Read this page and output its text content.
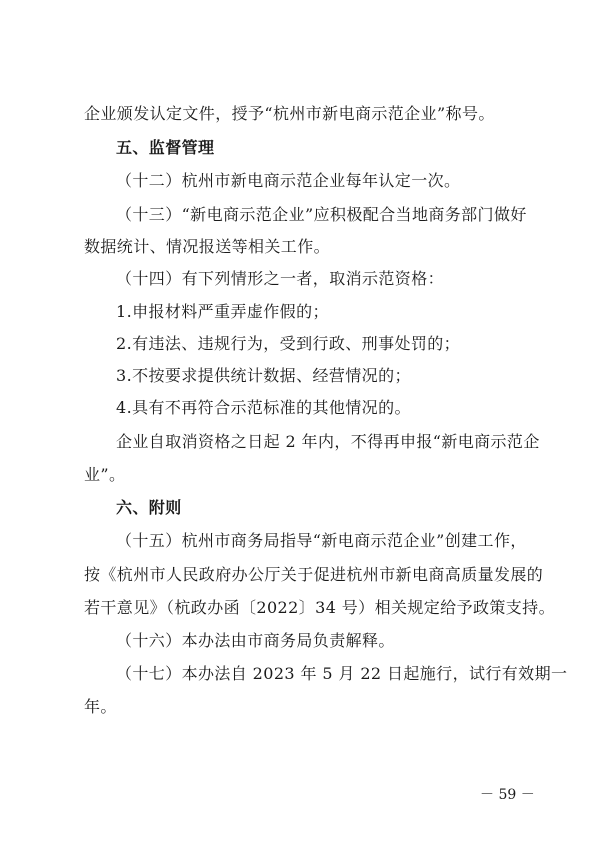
企业颁发认定文件，授予“杭州市新电商示范企业”称号。
五、监督管理
（十二）杭州市新电商示范企业每年认定一次。
（十三）“新电商示范企业”应积极配合当地商务部门做好
数据统计、情况报送等相关工作。
（十四）有下列情形之一者，取消示范资格：
1.申报材料严重弄虚作假的；
2.有违法、违规行为，受到行政、刑事处罚的；
3.不按要求提供统计数据、经营情况的；
4.具有不再符合示范标准的其他情况的。
企业自取消资格之日起 2 年内，不得再申报“新电商示范企
业”。
六、附则
（十五）杭州市商务局指导“新电商示范企业”创建工作，
按《杭州市人民政府办公厅关于促进杭州市新电商高质量发展的
若干意见》（杭政办函〔2022〕34 号）相关规定给予政策支持。
（十六）本办法由市商务局负责解释。
（十七）本办法自 2023 年 5 月 22 日起施行，试行有效期一
年。
－ 59 －
